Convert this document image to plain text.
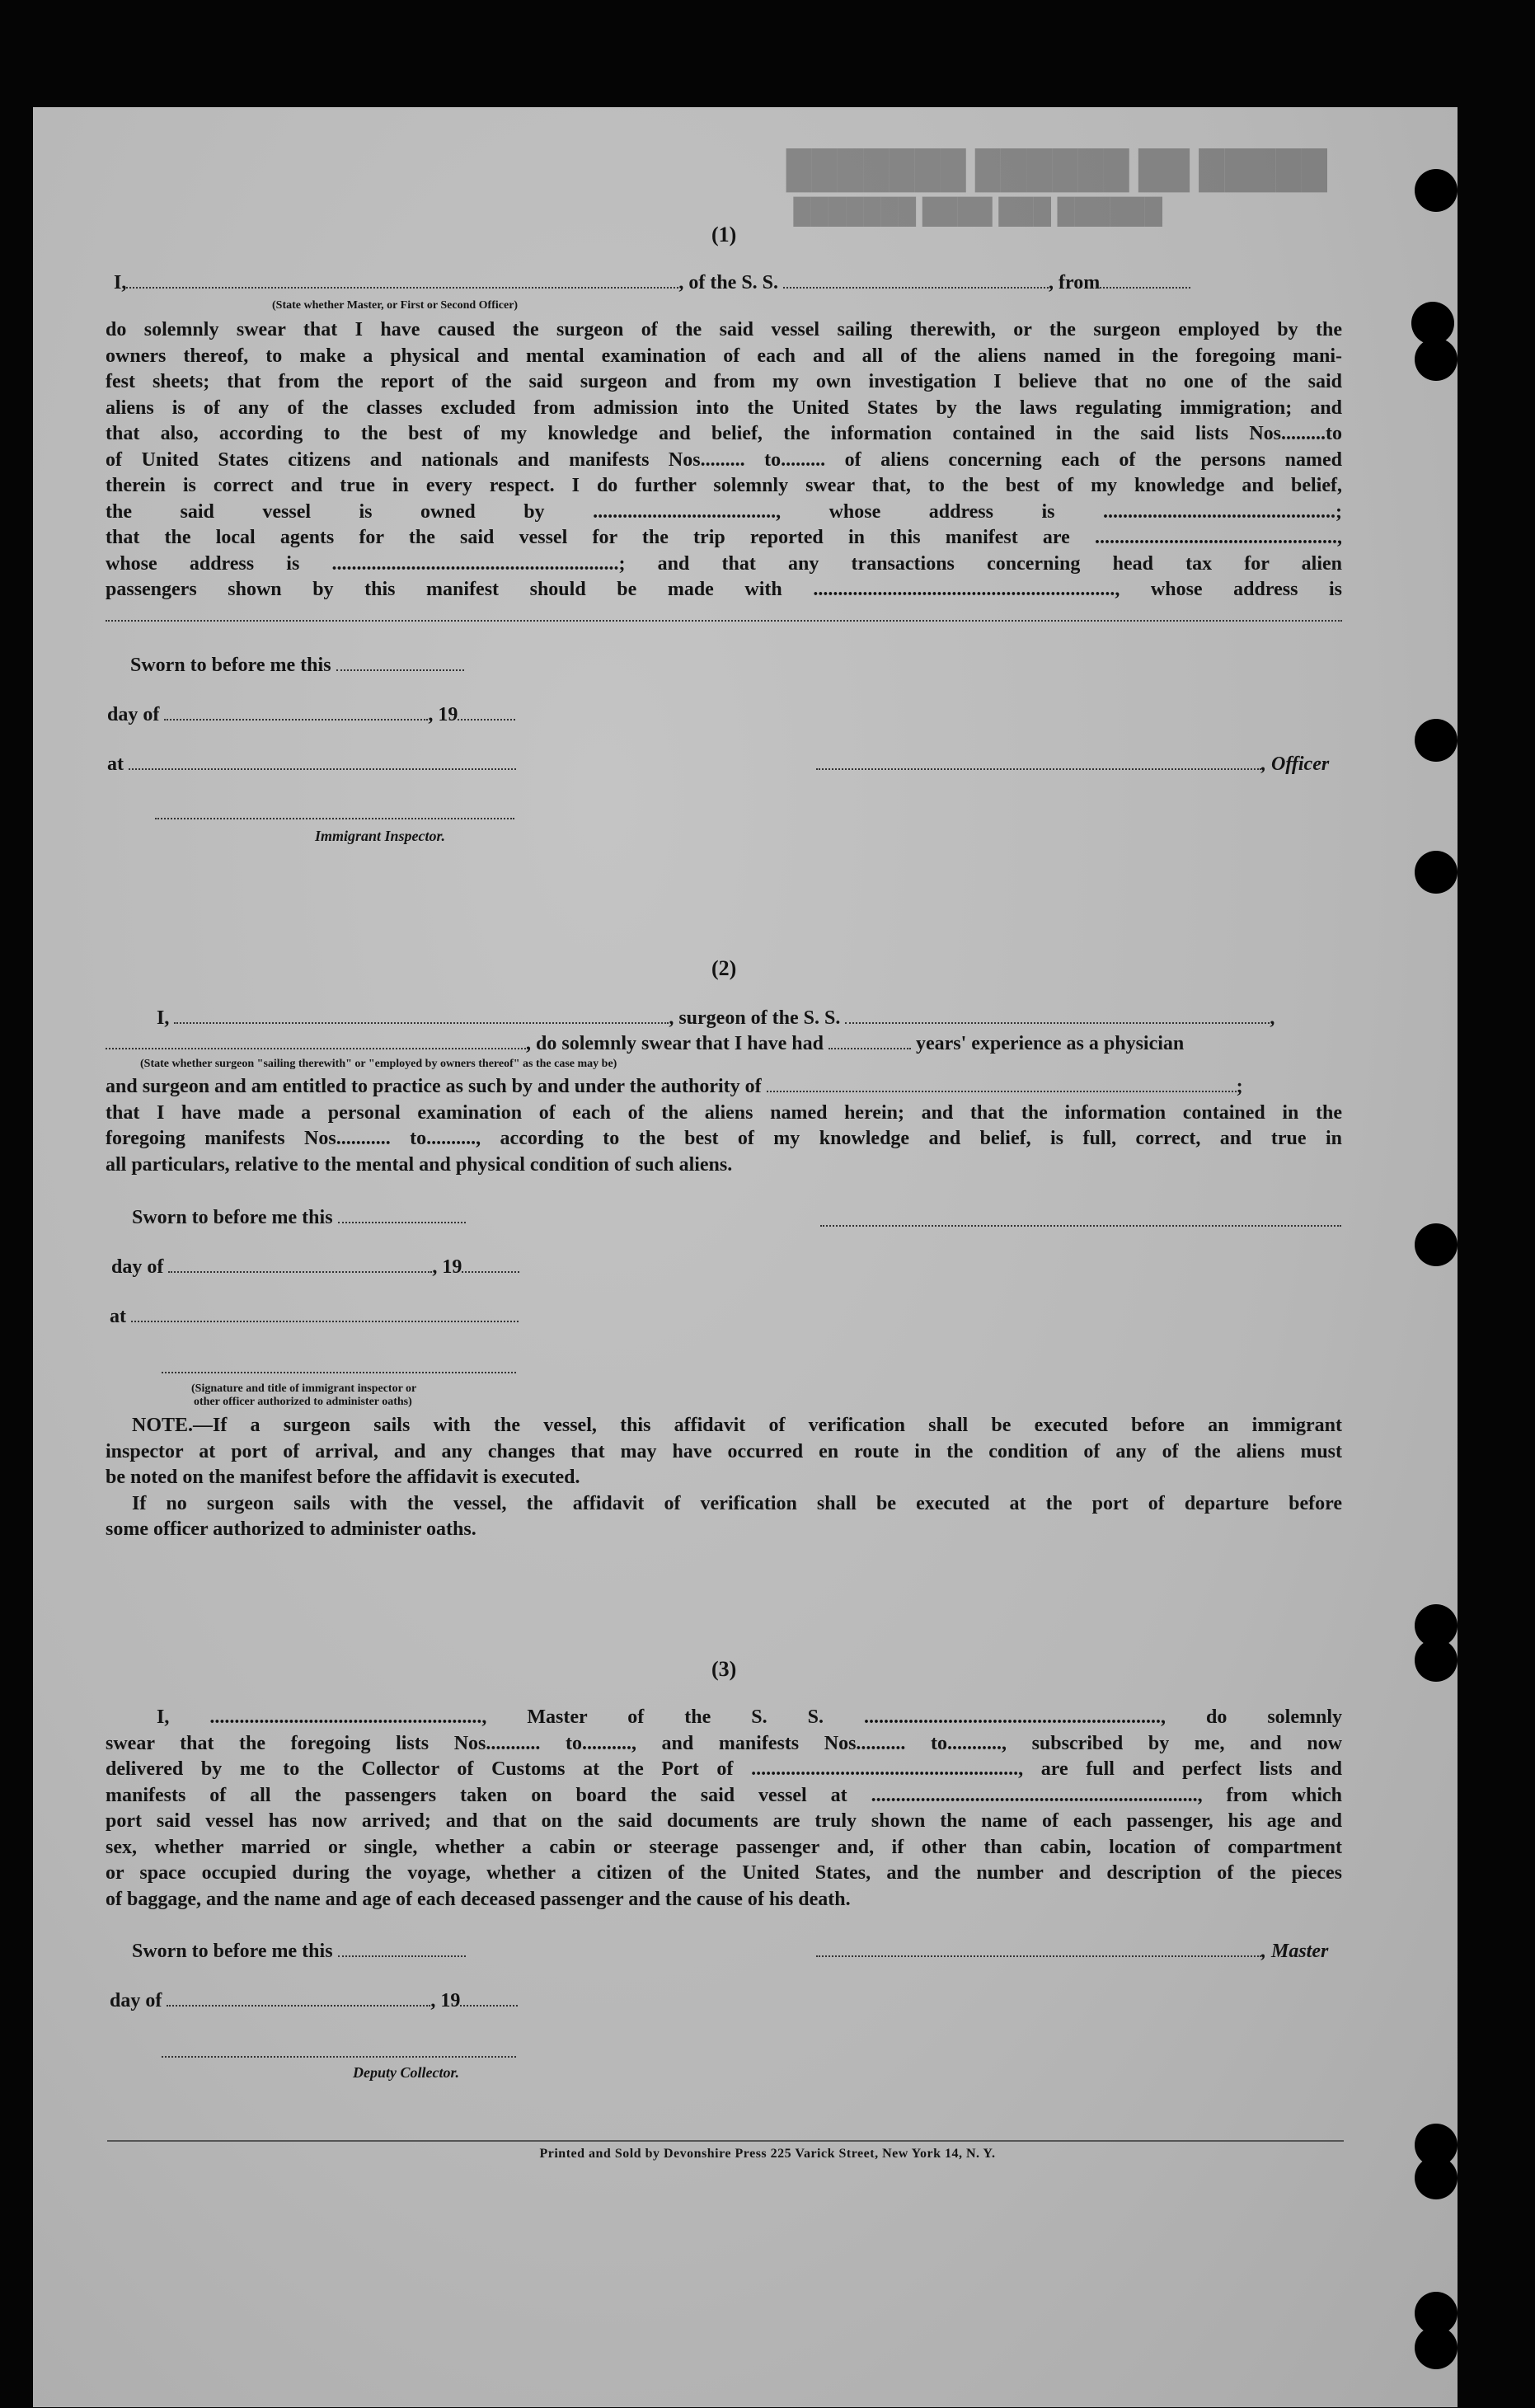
█████ ██ ██████ ███████
██████ ███ ████ ███████
(1)
I,	, of the S. S.	, from
(State whether Master, or First or Second Officer)

do solemnly swear that I have caused the surgeon of the said vessel sailing therewith, or the surgeon employed by the

owners thereof, to make a physical and mental examination of each and all of the aliens named in the foregoing mani-

fest sheets; that from the report of the said surgeon and from my own investigation I believe that no one of the said

aliens is of any of the classes excluded from admission into the United States by the laws regulating immigration; and

that also, according to the best of my knowledge and belief, the information contained in the said lists Nos.........to

of United States citizens and nationals and manifests Nos......... to......... of aliens concerning each of the persons named

therein is correct and true in every respect. I do further solemnly swear that, to the best of my knowledge and belief,

the said vessel is owned by ....................................., whose address is ...............................................;

that the local agents for the said vessel for the trip reported in this manifest are .................................................,

whose address is ..........................................................; and that any transactions concerning head tax for alien

passengers shown by this manifest should be made with ............................................................., whose address is

Sworn to before me this
day of	, 19
at	, Officer
Immigrant Inspector.
(2)
I,	, surgeon of the S. S.	,
, do solemnly swear that I have had	years' experience as a physician
(State whether surgeon "sailing therewith" or "employed by owners thereof" as the case may be)

and surgeon and am entitled to practice as such by and under the authority of	;

that I have made a personal examination of each of the aliens named herein; and that the information contained in the

foregoing manifests Nos........... to.........., according to the best of my knowledge and belief, is full, correct, and true in

all particulars, relative to the mental and physical condition of such aliens.

Sworn to before me this
day of	, 19
at
(Signature and title of immigrant inspector or
other officer authorized to administer oaths)

NOTE.—If a surgeon sails with the vessel, this affidavit of verification shall be executed before an immigrant

inspector at port of arrival, and any changes that may have occurred en route in the condition of any of the aliens must

be noted on the manifest before the affidavit is executed.

If no surgeon sails with the vessel, the affidavit of verification shall be executed at the port of departure before

some officer authorized to administer oaths.

(3)

I, ......................................................., Master of the S. S. ............................................................, do solemnly

swear that the foregoing lists Nos........... to.........., and manifests Nos.......... to..........., subscribed by me, and now

delivered by me to the Collector of Customs at the Port of ......................................................, are full and perfect lists and

manifests of all the passengers taken on board the said vessel at .................................................................., from which

port said vessel has now arrived; and that on the said documents are truly shown the name of each passenger, his age and

sex, whether married or single, whether a cabin or steerage passenger and, if other than cabin, location of compartment

or space occupied during the voyage, whether a citizen of the United States, and the number and description of the pieces

of baggage, and the name and age of each deceased passenger and the cause of his death.

Sworn to before me this	, Master
day of	, 19
Deputy Collector.
Printed and Sold by Devonshire Press 225 Varick Street, New York 14, N. Y.
